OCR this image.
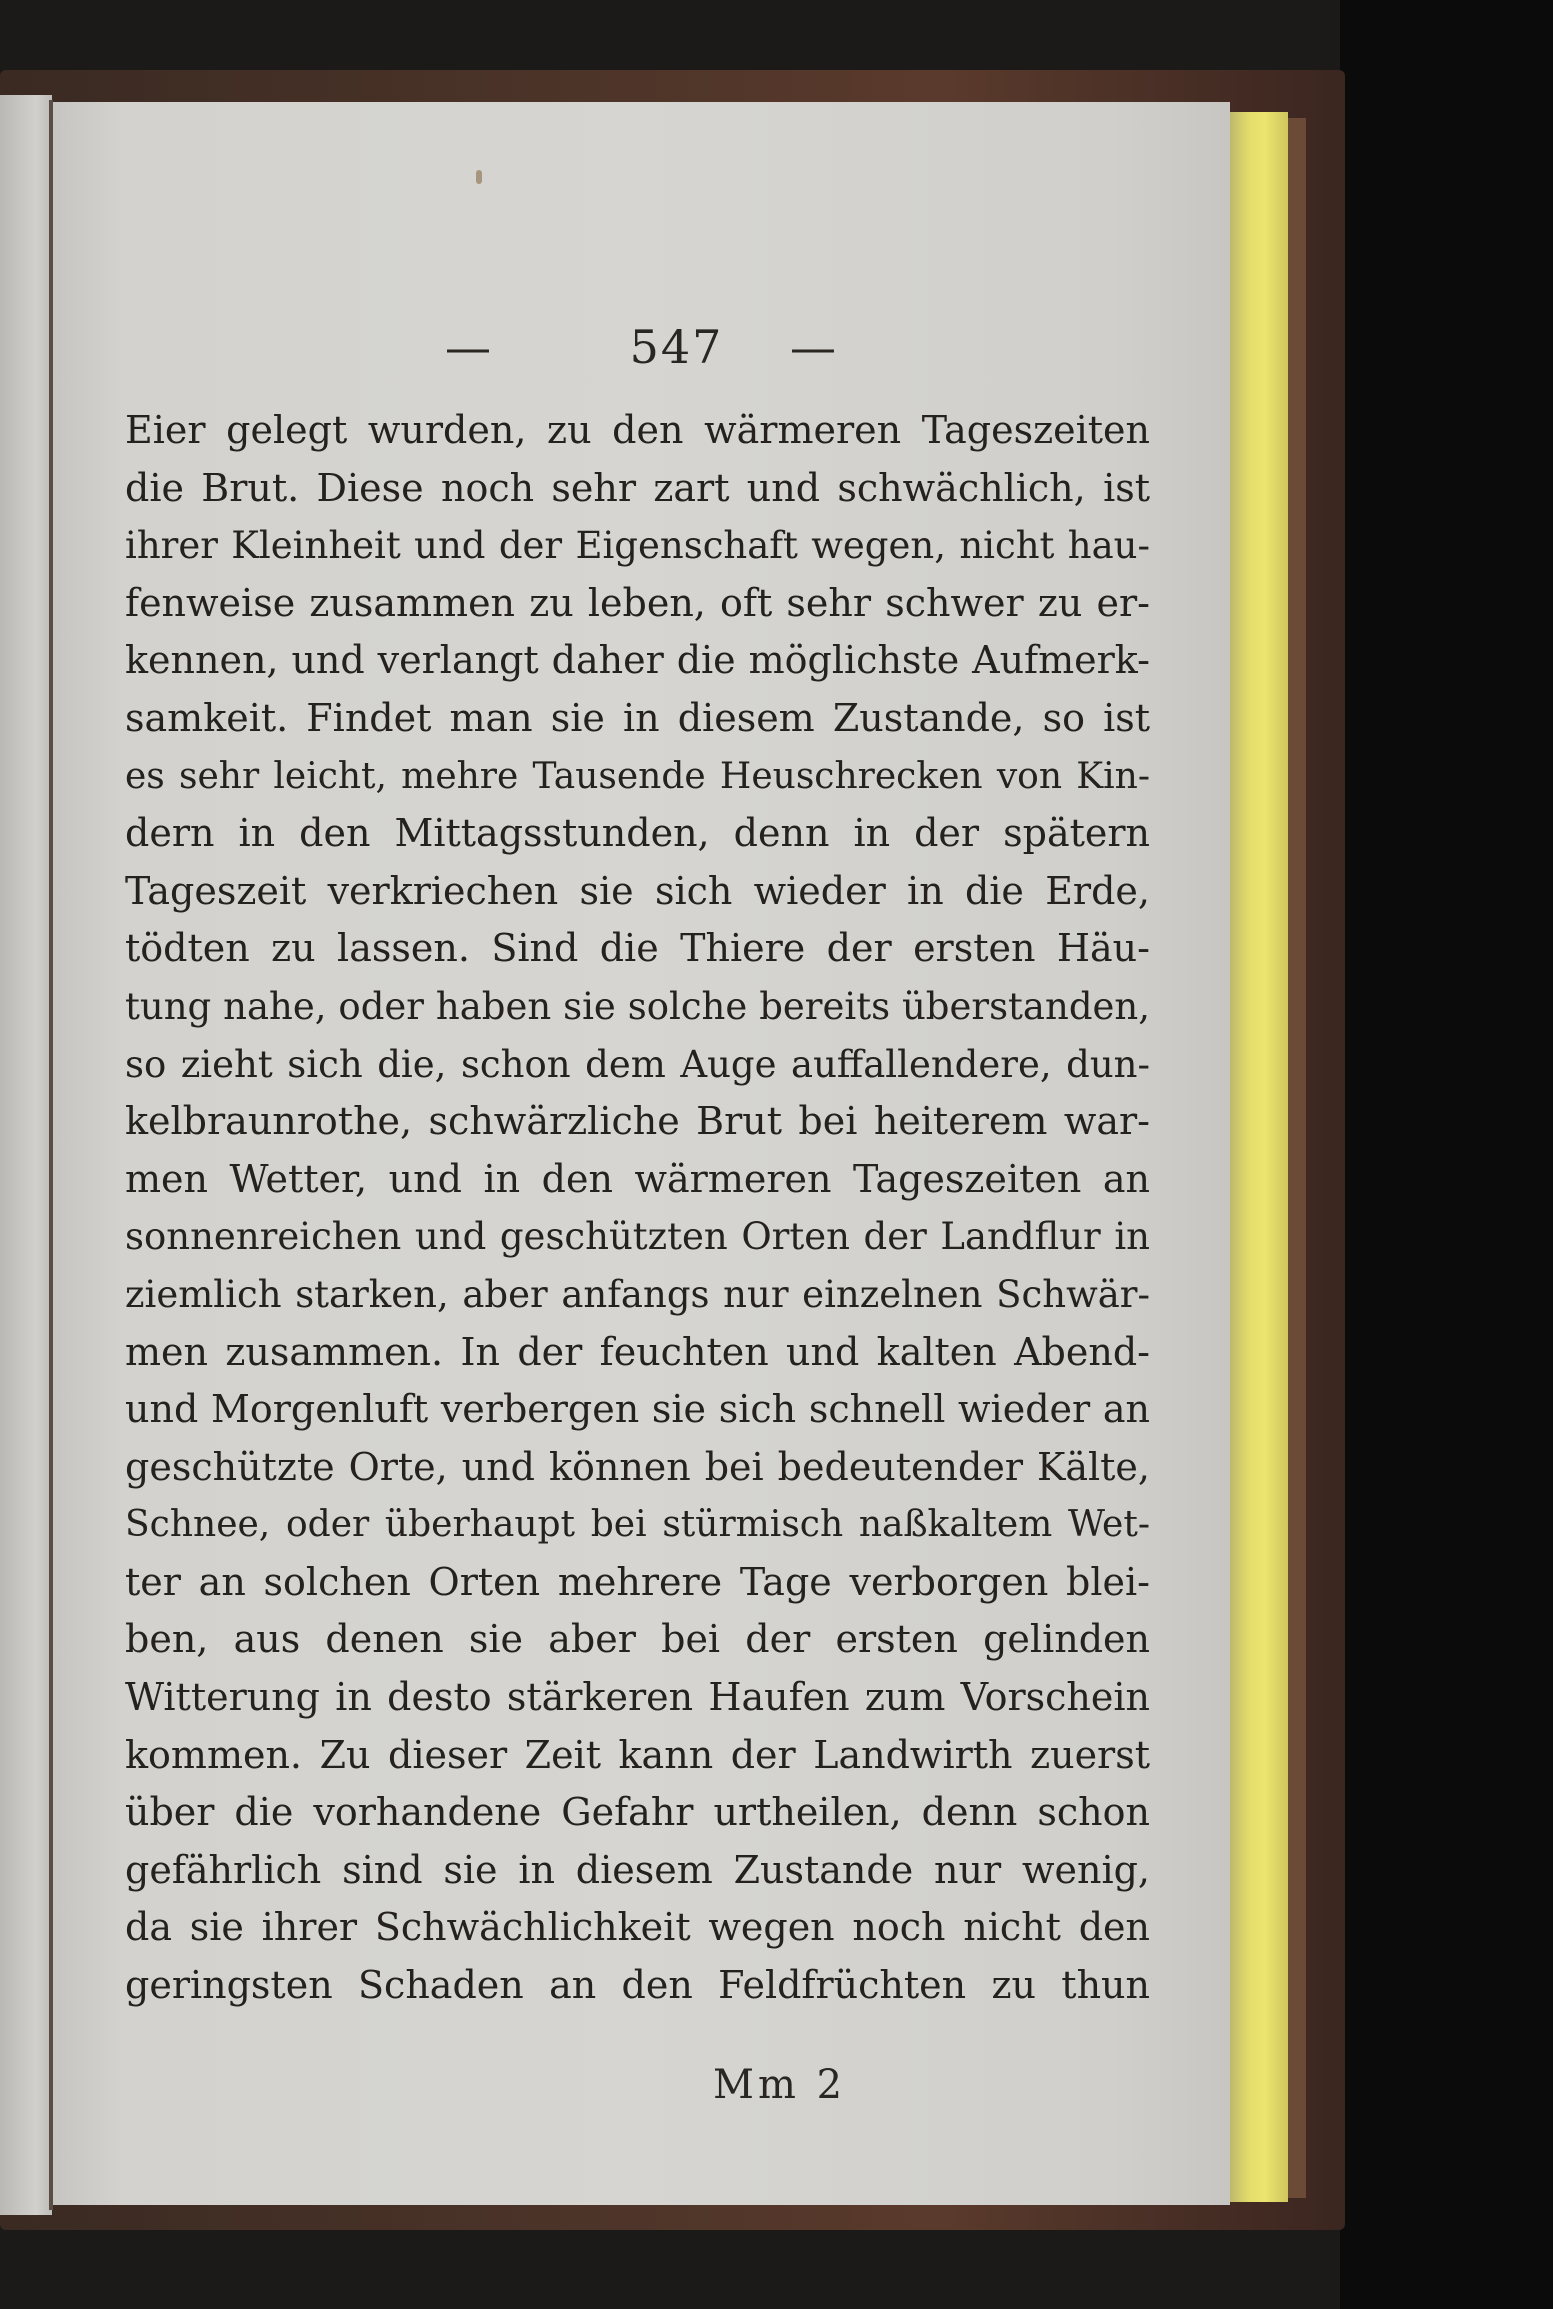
—	547 —
Eier gelegt wurden, zu den wärmeren Tageszeiten
die Brut. Diese noch sehr zart und schwächlich, ist
ihrer Kleinheit und der Eigenschaft wegen, nicht hau-
fenweise zusammen zu leben, oft sehr schwer zu er-
kennen, und verlangt daher die möglichste Aufmerk-
samkeit. Findet man sie in diesem Zustande, so ist
es sehr leicht, mehre Tausende Heuschrecken von Kin-
dern in den Mittagsstunden, denn in der spätern
Tageszeit verkriechen sie sich wieder in die Erde,
tödten zu lassen. Sind die Thiere der ersten Häu-
tung nahe, oder haben sie solche bereits überstanden,
so zieht sich die, schon dem Auge auffallendere, dun-
kelbraunrothe, schwärzliche Brut bei heiterem war-
men Wetter, und in den wärmeren Tageszeiten an
sonnenreichen und geschützten Orten der Landflur in
ziemlich starken, aber anfangs nur einzelnen Schwär-
men zusammen. In der feuchten und kalten Abend-
und Morgenluft verbergen sie sich schnell wieder an
geschützte Orte, und können bei bedeutender Kälte,
Schnee, oder überhaupt bei stürmisch naßkaltem Wet-
ter an solchen Orten mehrere Tage verborgen blei-
ben, aus denen sie aber bei der ersten gelinden
Witterung in desto stärkeren Haufen zum Vorschein
kommen. Zu dieser Zeit kann der Landwirth zuerst
über die vorhandene Gefahr urtheilen, denn schon
gefährlich sind sie in diesem Zustande nur wenig,
da sie ihrer Schwächlichkeit wegen noch nicht den
geringsten Schaden an den Feldfrüchten zu thun
Mm 2
